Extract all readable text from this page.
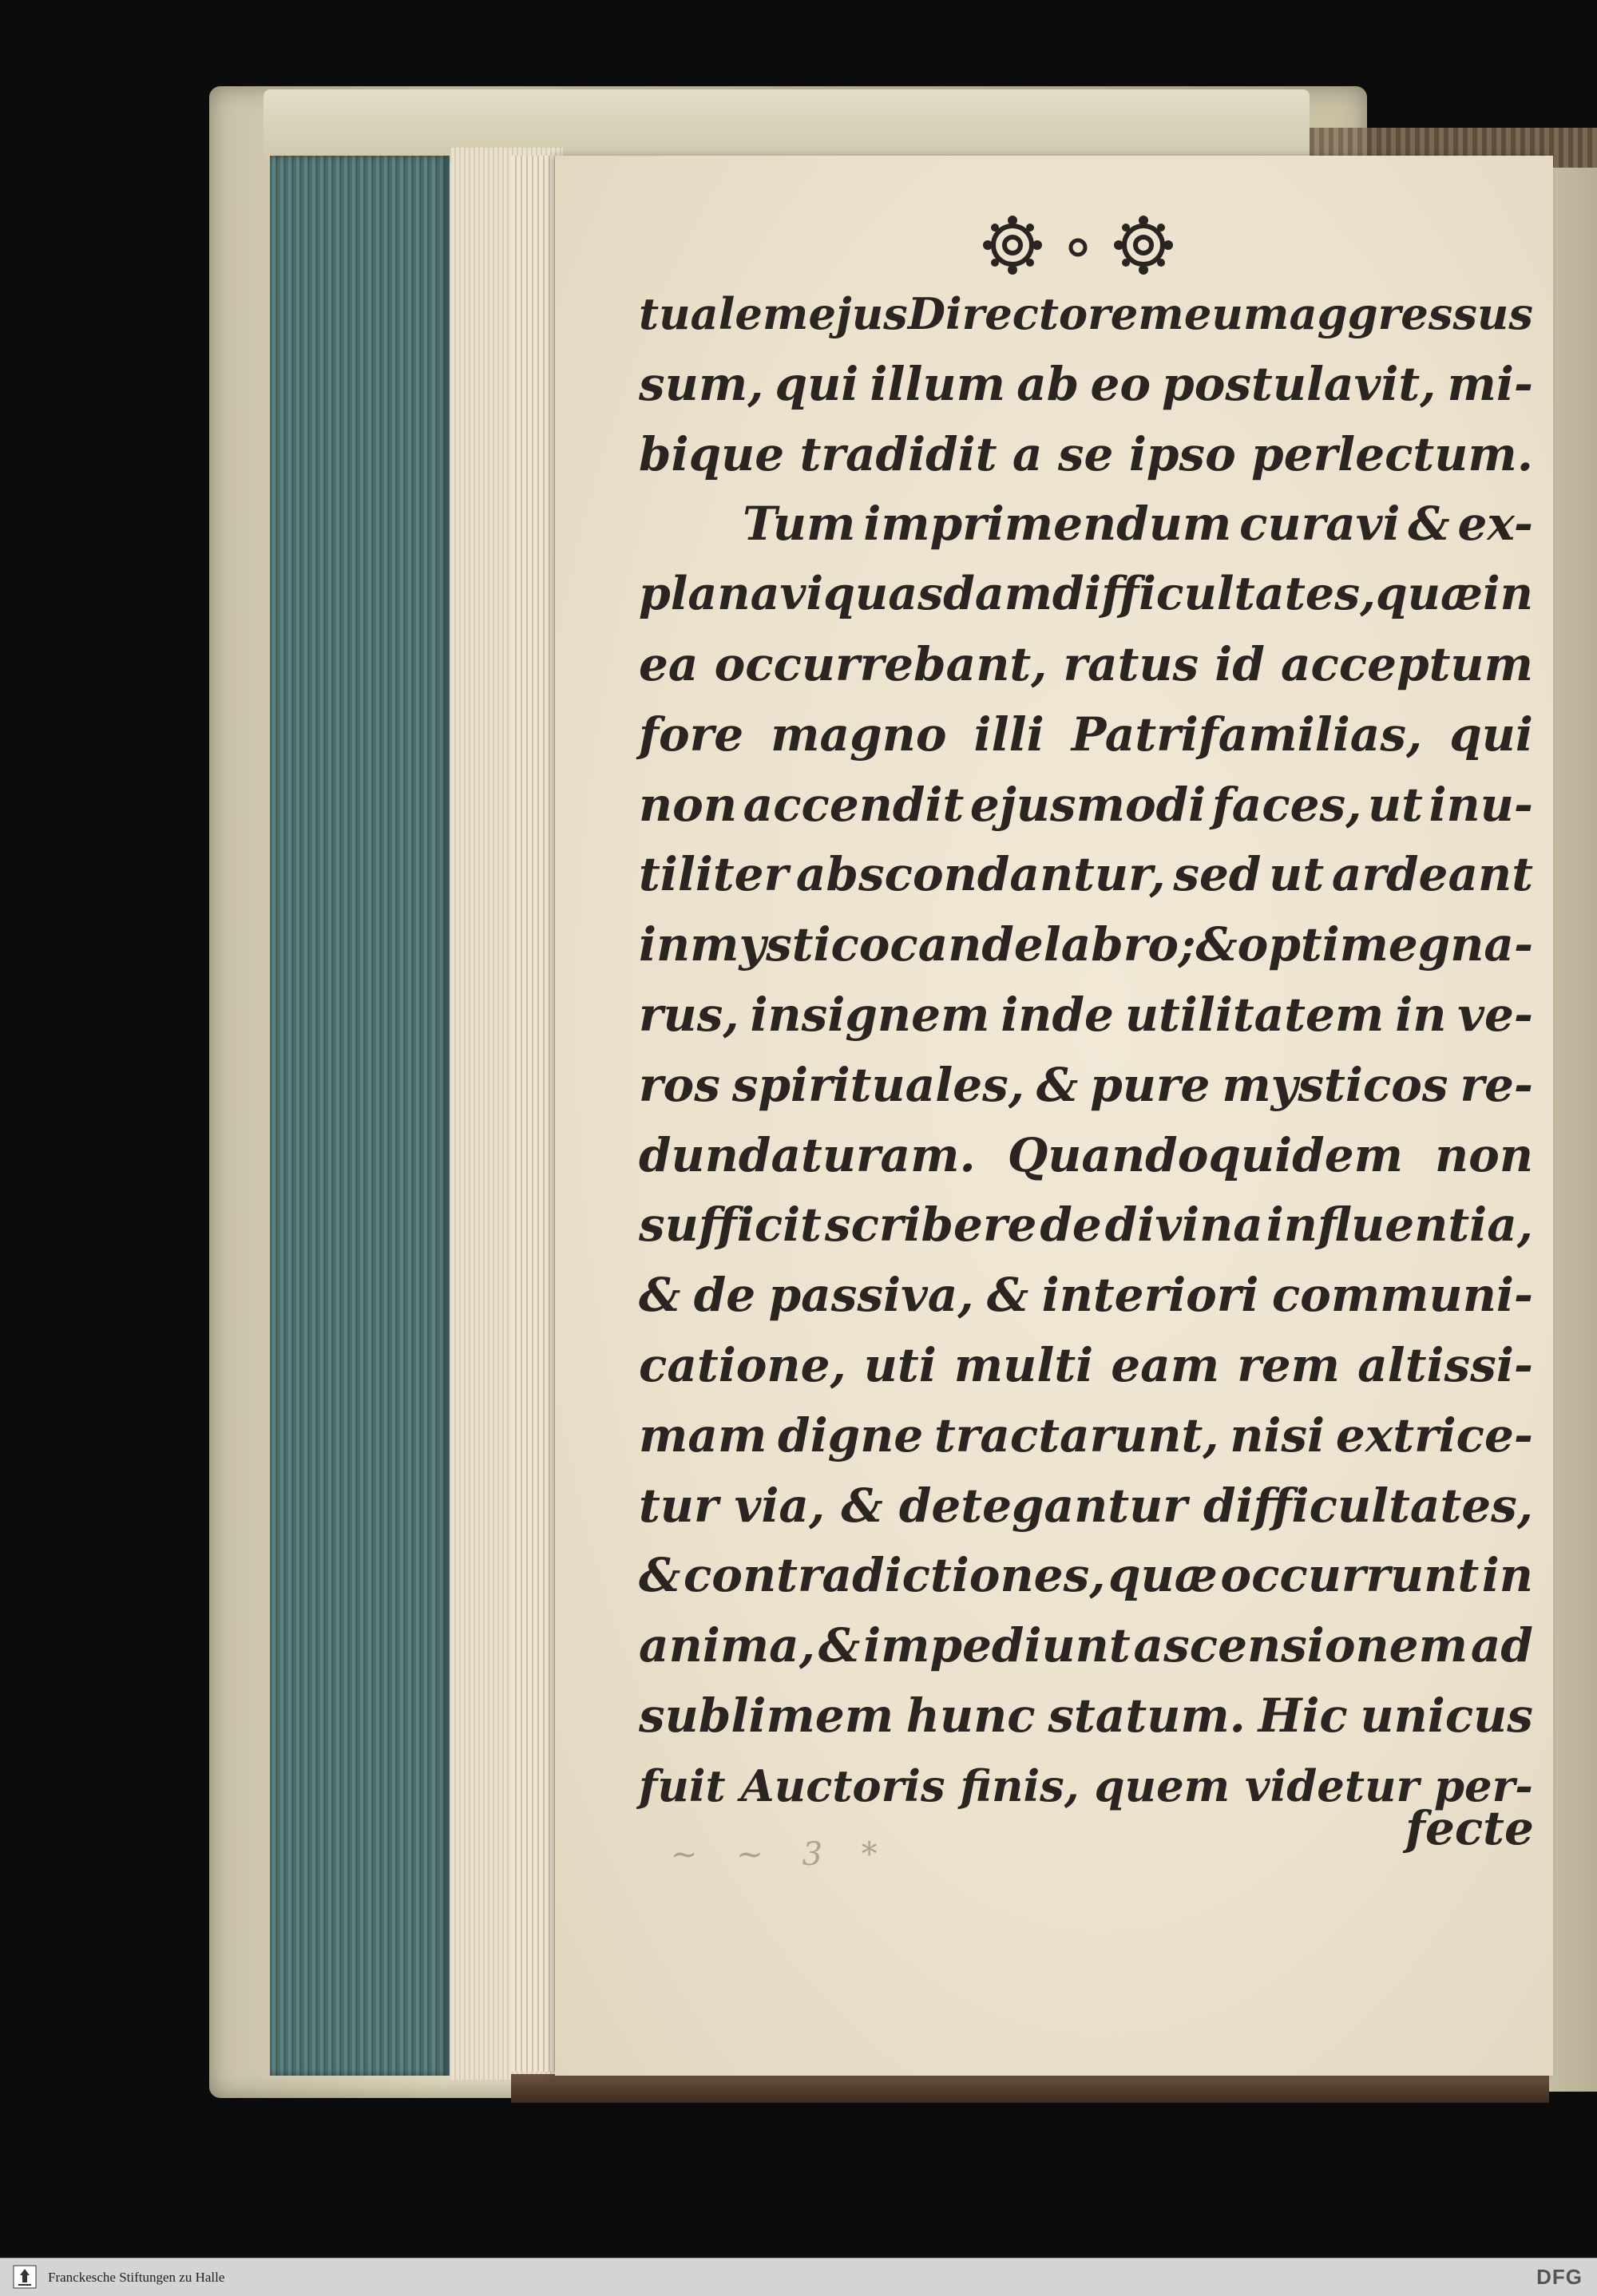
tualem ejus Directorem eum aggressus
sum, qui illum ab eo postulavit, mi-
bique tradidit a se ipso perlectum.
Tum imprimendum curavi & ex-
planavi quasdam difficultates, quæ in
ea occurrebant, ratus id acceptum
fore magno illi Patrifamilias, qui
non accendit ejusmodi faces, ut inu-
tiliter abscondantur, sed ut ardeant
in mystico candelabro; & optime gna-
rus, insignem inde utilitatem in ve-
ros spirituales, & pure mysticos re-
dundaturam. Quandoquidem non
sufficit scribere de divina influentia,
& de passiva, & interiori communi-
catione, uti multi eam rem altissi-
mam digne tractarunt, nisi extrice-
tur via, & detegantur difficultates,
& contradictiones, quæ occurrunt in
anima, & impediunt ascensionem ad
sublimem hunc statum. Hic unicus
fuit Auctoris finis, quem videtur per-
fecte
~ ~ 3 *
Franckesche Stiftungen zu Halle	DFG
